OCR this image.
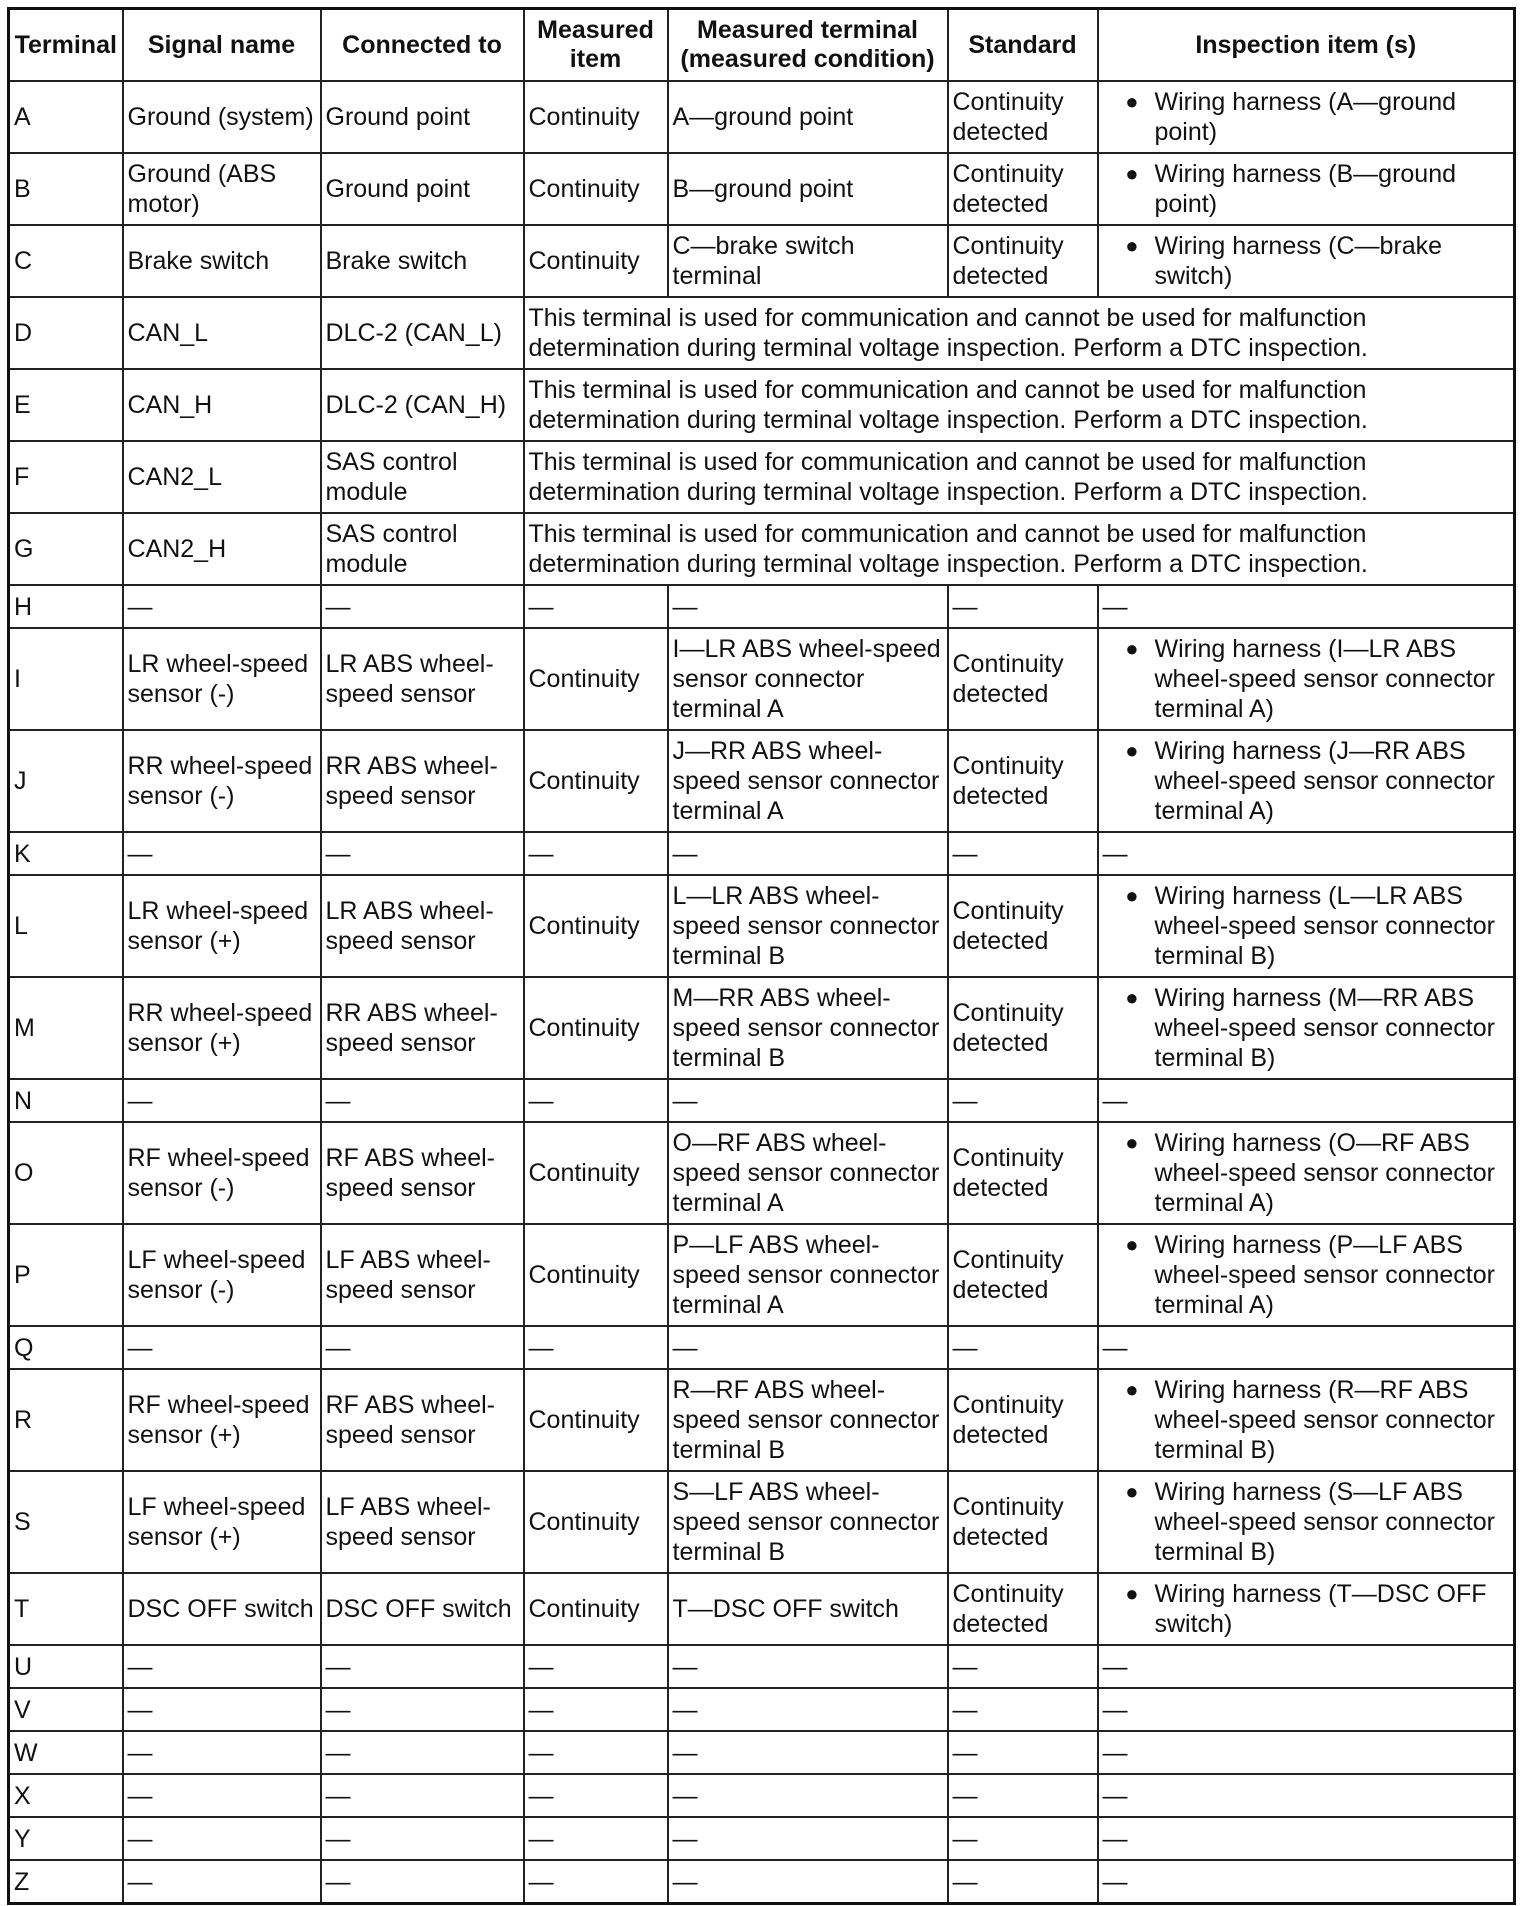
Terminal	Signal name	Connected to	Measured item	Measured terminal (measured condition)	Standard	Inspection item (s)
A	Ground (system)	Ground point	Continuity	A—ground point	Continuity detected	● Wiring harness (A—ground point)

B	Ground (ABS motor)	Ground point	Continuity	B—ground point	Continuity detected	● Wiring harness (B—ground point)

C	Brake switch	Brake switch	Continuity	C—brake switch terminal	Continuity detected	● Wiring harness (C—brake switch)

D	CAN_L	DLC-2 (CAN_L)	This terminal is used for communication and cannot be used for malfunction determination during terminal voltage inspection. Perform a DTC inspection.			
E	CAN_H	DLC-2 (CAN_H)	This terminal is used for communication and cannot be used for malfunction determination during terminal voltage inspection. Perform a DTC inspection.			
F	CAN2_L	SAS control module	This terminal is used for communication and cannot be used for malfunction determination during terminal voltage inspection. Perform a DTC inspection.			
G	CAN2_H	SAS control module	This terminal is used for communication and cannot be used for malfunction determination during terminal voltage inspection. Perform a DTC inspection.			
H	—	—	—	—	—	—
I	LR wheel-speed sensor (-)	LR ABS wheel-speed sensor	Continuity	I—LR ABS wheel-speed sensor connector terminal A	Continuity detected	● Wiring harness (I—LR ABS wheel-speed sensor connector terminal A)

J	RR wheel-speed sensor (-)	RR ABS wheel-speed sensor	Continuity	J—RR ABS wheel-speed sensor connector terminal A	Continuity detected	● Wiring harness (J—RR ABS wheel-speed sensor connector terminal A)

K	—	—	—	—	—	—
L	LR wheel-speed sensor (+)	LR ABS wheel-speed sensor	Continuity	L—LR ABS wheel-speed sensor connector terminal B	Continuity detected	● Wiring harness (L—LR ABS wheel-speed sensor connector terminal B)

M	RR wheel-speed sensor (+)	RR ABS wheel-speed sensor	Continuity	M—RR ABS wheel-speed sensor connector terminal B	Continuity detected	● Wiring harness (M—RR ABS wheel-speed sensor connector terminal B)

N	—	—	—	—	—	—
O	RF wheel-speed sensor (-)	RF ABS wheel-speed sensor	Continuity	O—RF ABS wheel-speed sensor connector terminal A	Continuity detected	● Wiring harness (O—RF ABS wheel-speed sensor connector terminal A)

P	LF wheel-speed sensor (-)	LF ABS wheel-speed sensor	Continuity	P—LF ABS wheel-speed sensor connector terminal A	Continuity detected	● Wiring harness (P—LF ABS wheel-speed sensor connector terminal A)

Q	—	—	—	—	—	—
R	RF wheel-speed sensor (+)	RF ABS wheel-speed sensor	Continuity	R—RF ABS wheel-speed sensor connector terminal B	Continuity detected	● Wiring harness (R—RF ABS wheel-speed sensor connector terminal B)

S	LF wheel-speed sensor (+)	LF ABS wheel-speed sensor	Continuity	S—LF ABS wheel-speed sensor connector terminal B	Continuity detected	● Wiring harness (S—LF ABS wheel-speed sensor connector terminal B)

T	DSC OFF switch	DSC OFF switch	Continuity	T—DSC OFF switch	Continuity detected	● Wiring harness (T—DSC OFF switch)

U	—	—	—	—	—	—
V	—	—	—	—	—	—
W	—	—	—	—	—	—
X	—	—	—	—	—	—
Y	—	—	—	—	—	—
Z	—	—	—	—	—	—
